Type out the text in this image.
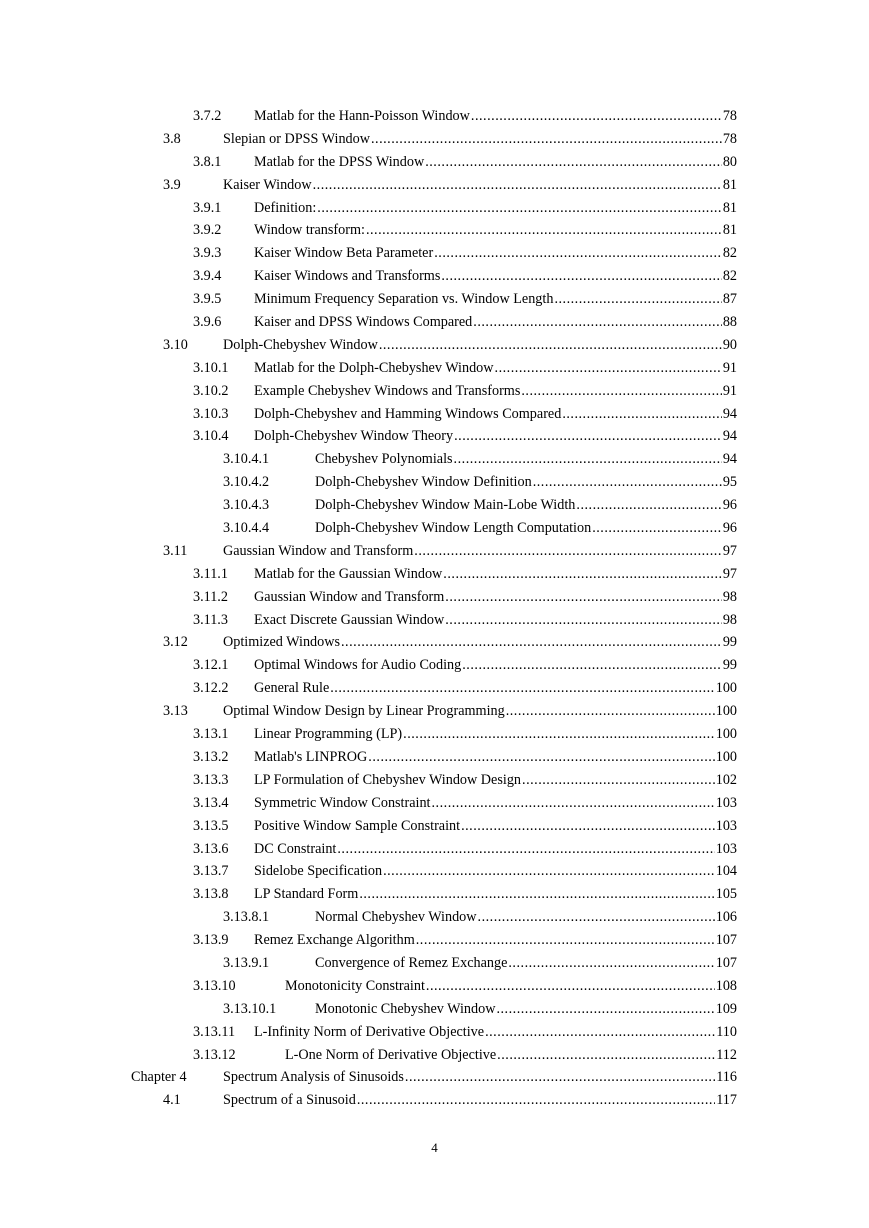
3.7.2 Matlab for the Hann-Poisson Window .....	78
3.8	Slepian or DPSS Window .....	78
3.8.1 Matlab for the DPSS Window .....	80
3.9	Kaiser Window .....	81
3.9.1 Definition: .....	81
3.9.2 Window transform: .....	81
3.9.3 Kaiser Window Beta Parameter .....	82
3.9.4 Kaiser Windows and Transforms .....	82
3.9.5 Minimum Frequency Separation vs. Window Length .....	87
3.9.6 Kaiser and DPSS Windows Compared .....	88
3.10 Dolph-Chebyshev Window .....	90
3.10.1 Matlab for the Dolph-Chebyshev Window .....	91
3.10.2 Example Chebyshev Windows and Transforms .....	91
3.10.3 Dolph-Chebyshev and Hamming Windows Compared .....	94
3.10.4 Dolph-Chebyshev Window Theory .....	94
3.10.4.1	Chebyshev Polynomials .....	94
3.10.4.2	Dolph-Chebyshev Window Definition .....	95
3.10.4.3	Dolph-Chebyshev Window Main-Lobe Width .....	96
3.10.4.4	Dolph-Chebyshev Window Length Computation .....	96
3.11	Gaussian Window and Transform .....	97
3.11.1 Matlab for the Gaussian Window .....	97
3.11.2 Gaussian Window and Transform .....	98
3.11.3 Exact Discrete Gaussian Window .....	98
3.12 Optimized Windows .....	99
3.12.1 Optimal Windows for Audio Coding .....	99
3.12.2 General Rule .....	100
3.13 Optimal Window Design by Linear Programming .....	100
3.13.1 Linear Programming (LP) .....	100
3.13.2 Matlab's LINPROG .....	100
3.13.3 LP Formulation of Chebyshev Window Design .....	102
3.13.4 Symmetric Window Constraint .....	103
3.13.5 Positive Window Sample Constraint .....	103
3.13.6 DC Constraint .....	103
3.13.7 Sidelobe Specification .....	104
3.13.8 LP Standard Form .....	105
3.13.8.1	Normal Chebyshev Window .....	106
3.13.9 Remez Exchange Algorithm .....	107
3.13.9.1	Convergence of Remez Exchange .....	107
3.13.10	Monotonicity Constraint .....	108
3.13.10.1	Monotonic Chebyshev Window .....	109
3.13.11 L-Infinity Norm of Derivative Objective .....	110
3.13.12	L-One Norm of Derivative Objective .....	112
Chapter 4	Spectrum Analysis of Sinusoids .....	116
4.1	Spectrum of a Sinusoid .....	117
4
